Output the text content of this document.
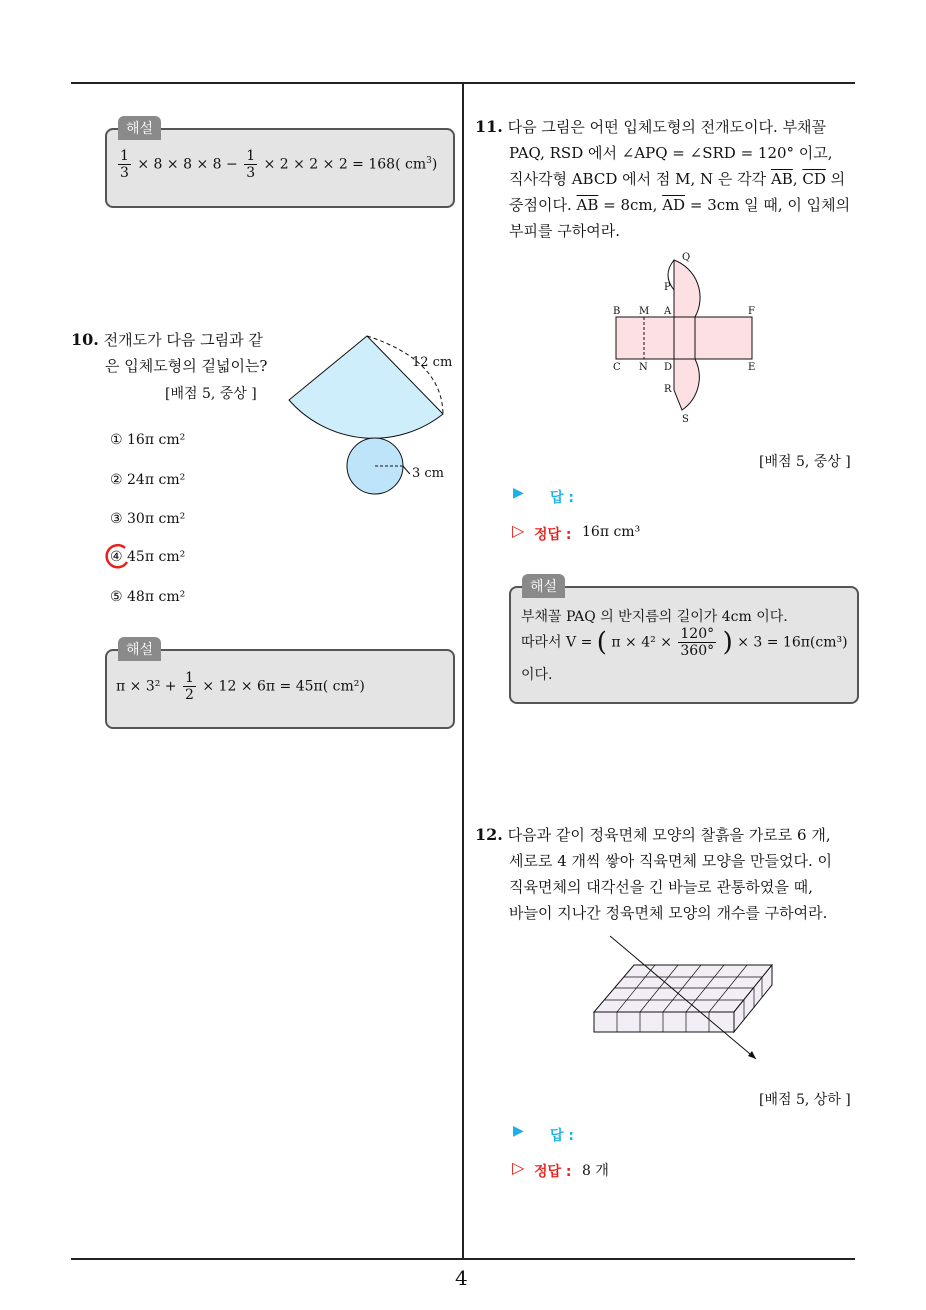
4
해설
$\frac{1}{3} \times 8 \times 8 \times 8 - \frac{1}{3} \times 2 \times 2 \times 2 = 168$( $cm^3$)
10. 전개도가 다음 그림과 같
은 입체도형의 겉넓이는?
[배점 5, 중상 ]
① 16π cm²
② 24π cm²
③ 30π cm²
④ 45π cm²
⑤ 48π cm²
12 cm
3 cm
해설
$\pi \times 3^2 + \frac{1}{2} \times 12 \times 6\pi = 45\pi$( cm²)
11. 다음 그림은 어떤 입체도형의 전개도이다. 부채꼴
PAQ, RSD 에서 ∠APQ = ∠SRD = 120° 이고,
직사각형 ABCD 에서 점 M, N 은 각각 $\overline{AB}$, $\overline{CD}$ 의
중점이다. $\overline{AB} = 8cm$, $\overline{AD} = 3cm$ 일 때, 이 입체의
부피를 구하여라.
Q
P
B M A	F
C N D	E
R
S
[배점 5, 중상 ]
▶ 답 :
▷ 정답 : 16π cm³
해설
부채꼴 PAQ 의 반지름의 길이가 4cm 이다.
따라서 V = ( $\pi \times 4^2 \times \frac{120^\circ}{360^\circ}$ ) × 3 = 16π(cm³)
이다.
12. 다음과 같이 정육면체 모양의 찰흙을 가로로 6 개,
세로로 4 개씩 쌓아 직육면체 모양을 만들었다. 이
직육면체의 대각선을 긴 바늘로 관통하였을 때,
바늘이 지나간 정육면체 모양의 개수를 구하여라.
[배점 5, 상하 ]
▶ 답 :
▷ 정답 : 8 개
